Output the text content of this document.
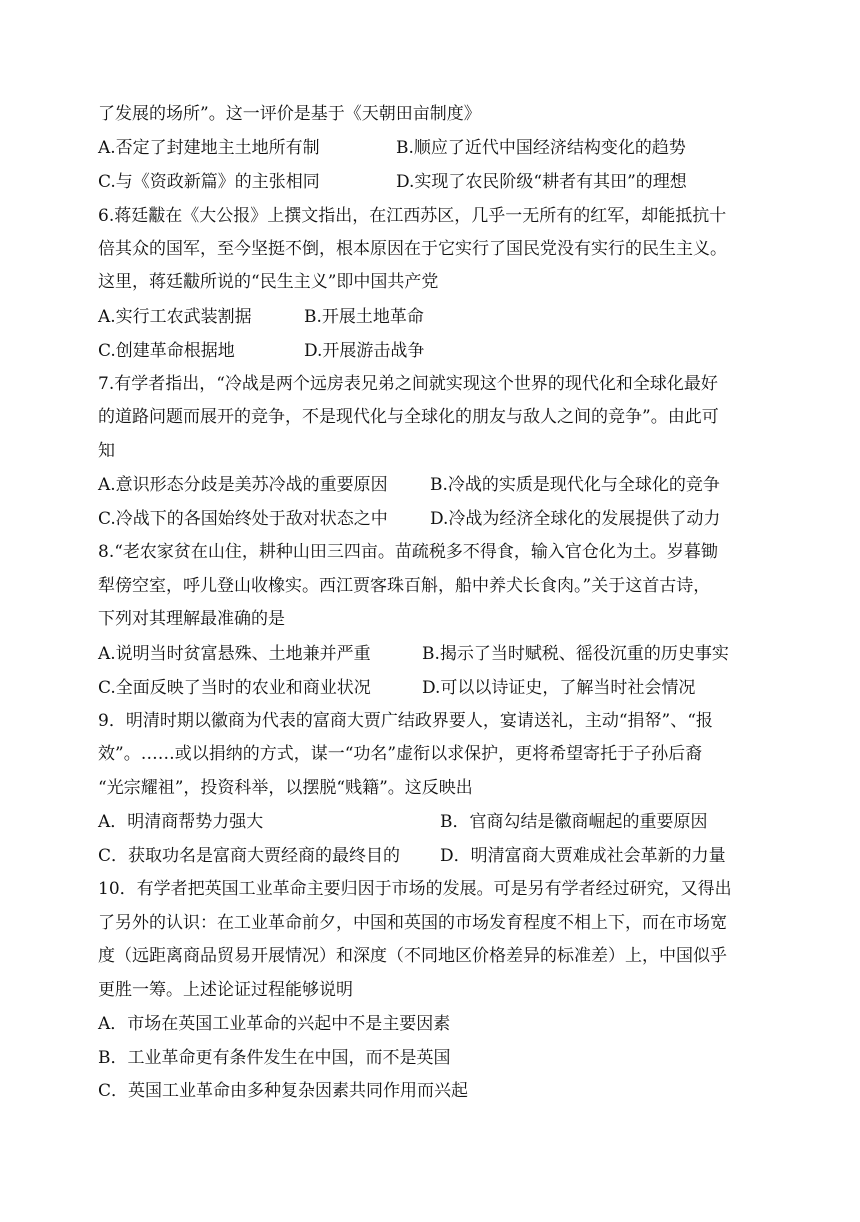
了发展的场所”。这一评价是基于《天朝田亩制度》
A.否定了封建地主土地所有制	B.顺应了近代中国经济结构变化的趋势
C.与《资政新篇》的主张相同	D.实现了农民阶级“耕者有其田”的理想
6.蒋廷黻在《大公报》上撰文指出，在江西苏区，几乎一无所有的红军，却能抵抗十
倍其众的国军，至今坚挺不倒，根本原因在于它实行了国民党没有实行的民生主义。
这里，蒋廷黻所说的“民生主义”即中国共产党
A.实行工农武装割据	B.开展土地革命
C.创建革命根据地	D.开展游击战争
7.有学者指出，“冷战是两个远房表兄弟之间就实现这个世界的现代化和全球化最好
的道路问题而展开的竞争，不是现代化与全球化的朋友与敌人之间的竞争”。由此可
知
A.意识形态分歧是美苏冷战的重要原因 B.冷战的实质是现代化与全球化的竞争
C.冷战下的各国始终处于敌对状态之中 D.冷战为经济全球化的发展提供了动力
8.“老农家贫在山住，耕种山田三四亩。苗疏税多不得食，输入官仓化为土。岁暮锄
犁傍空室，呼儿登山收橡实。西江贾客珠百斛，船中养犬长食肉。”关于这首古诗，
下列对其理解最准确的是
A.说明当时贫富悬殊、土地兼并严重	B.揭示了当时赋税、徭役沉重的历史事实
C.全面反映了当时的农业和商业状况	D.可以以诗证史，了解当时社会情况
9．明清时期以徽商为代表的富商大贾广结政界要人，宴请送礼，主动“捐帑”、“报
效”。……或以捐纳的方式，谋一“功名”虚衔以求保护，更将希望寄托于子孙后裔
“光宗耀祖”，投资科举，以摆脱“贱籍”。这反映出
A．明清商帮势力强大	B．官商勾结是徽商崛起的重要原因
C．获取功名是富商大贾经商的最终目的 D．明清富商大贾难成社会革新的力量
10．有学者把英国工业革命主要归因于市场的发展。可是另有学者经过研究，又得出
了另外的认识：在工业革命前夕，中国和英国的市场发育程度不相上下，而在市场宽
度（远距离商品贸易开展情况）和深度（不同地区价格差异的标准差）上，中国似乎
更胜一筹。上述论证过程能够说明
A．市场在英国工业革命的兴起中不是主要因素
B．工业革命更有条件发生在中国，而不是英国
C．英国工业革命由多种复杂因素共同作用而兴起
